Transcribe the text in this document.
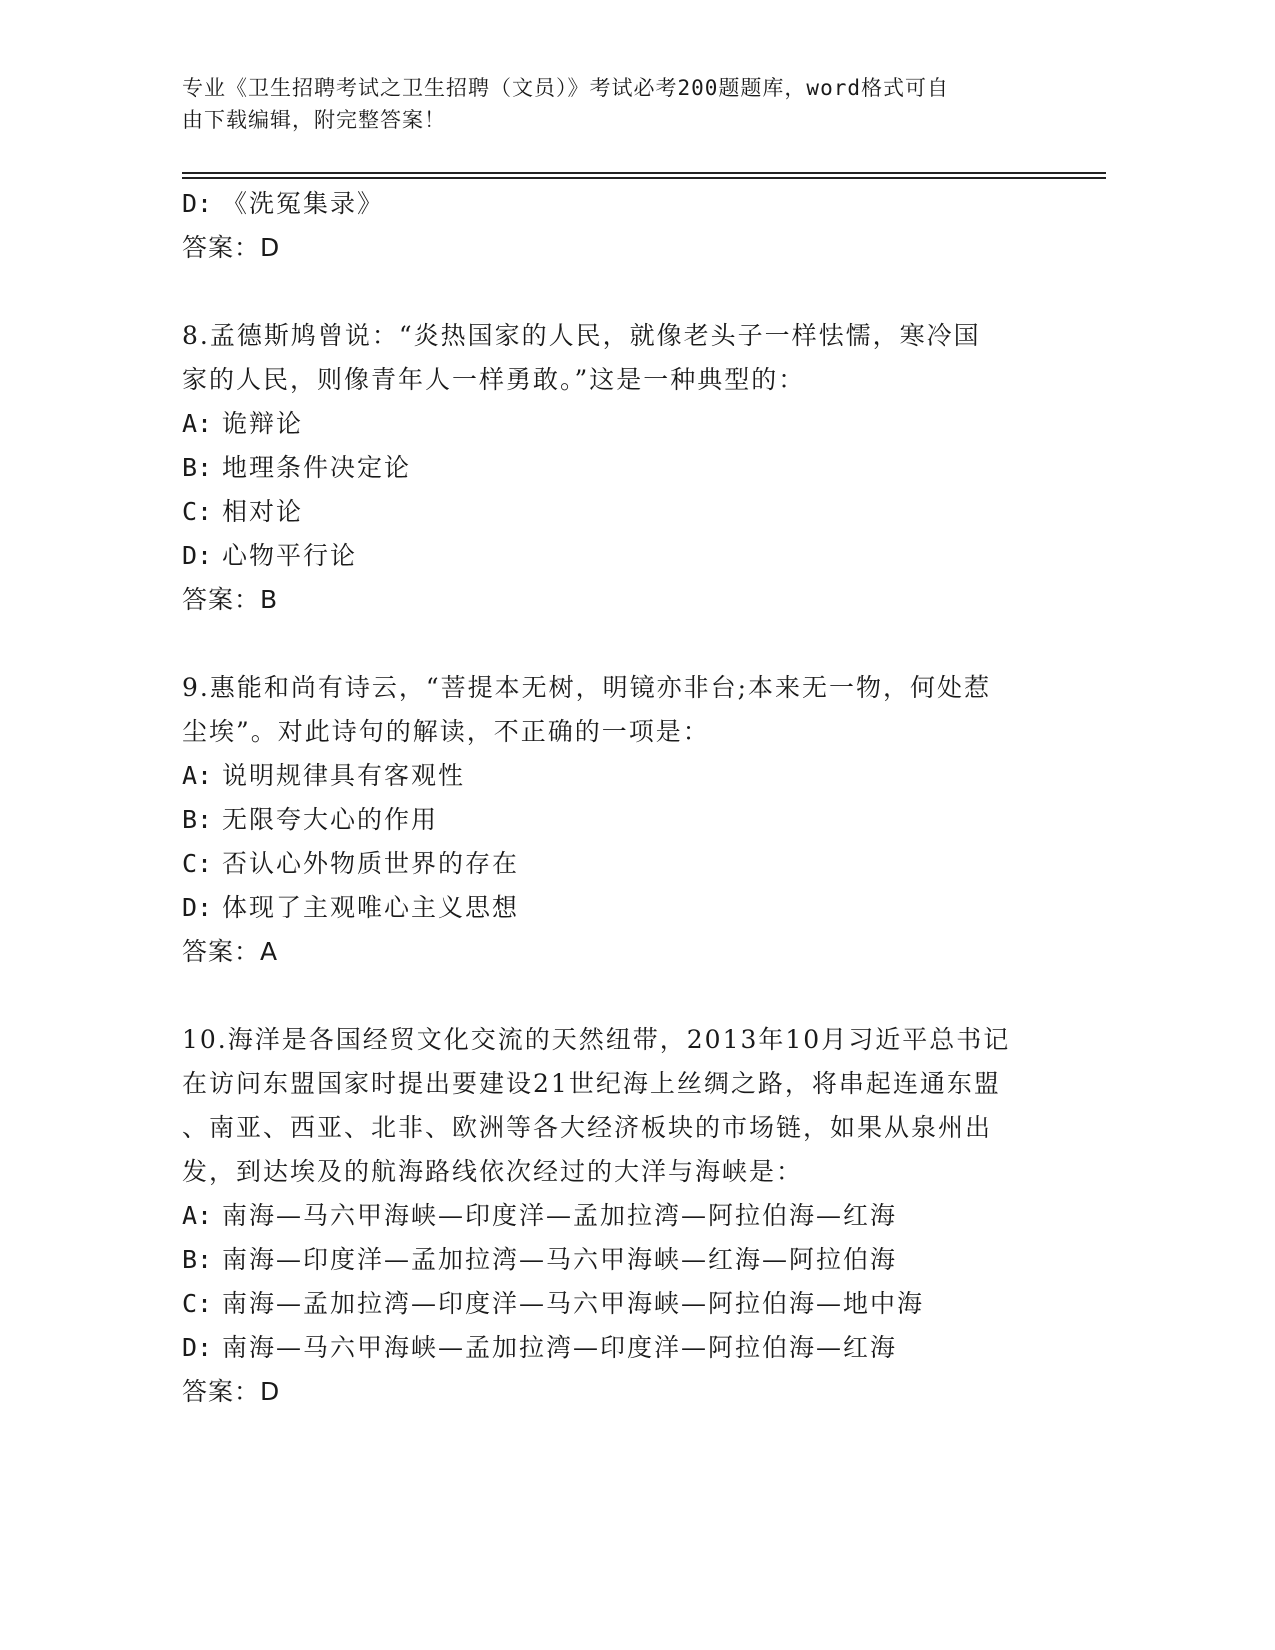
专业《卫生招聘考试之卫生招聘（文员）》考试必考200题题库，word格式可自
由下载编辑，附完整答案！
D: 《洗冤集录》
答案：D
8.孟德斯鸠曾说：“炎热国家的人民，就像老头子一样怯懦，寒冷国
家的人民，则像青年人一样勇敢。”这是一种典型的：
A: 诡辩论
B: 地理条件决定论
C: 相对论
D: 心物平行论
答案：B
9.惠能和尚有诗云，“菩提本无树，明镜亦非台;本来无一物，何处惹
尘埃”。对此诗句的解读，不正确的一项是：
A: 说明规律具有客观性
B: 无限夸大心的作用
C: 否认心外物质世界的存在
D: 体现了主观唯心主义思想
答案：A
10.海洋是各国经贸文化交流的天然纽带，2013年10月习近平总书记
在访问东盟国家时提出要建设21世纪海上丝绸之路，将串起连通东盟
、南亚、西亚、北非、欧洲等各大经济板块的市场链，如果从泉州出
发，到达埃及的航海路线依次经过的大洋与海峡是：
A: 南海—马六甲海峡—印度洋—孟加拉湾—阿拉伯海—红海
B: 南海—印度洋—孟加拉湾—马六甲海峡—红海—阿拉伯海
C: 南海—孟加拉湾—印度洋—马六甲海峡—阿拉伯海—地中海
D: 南海—马六甲海峡—孟加拉湾—印度洋—阿拉伯海—红海
答案：D
